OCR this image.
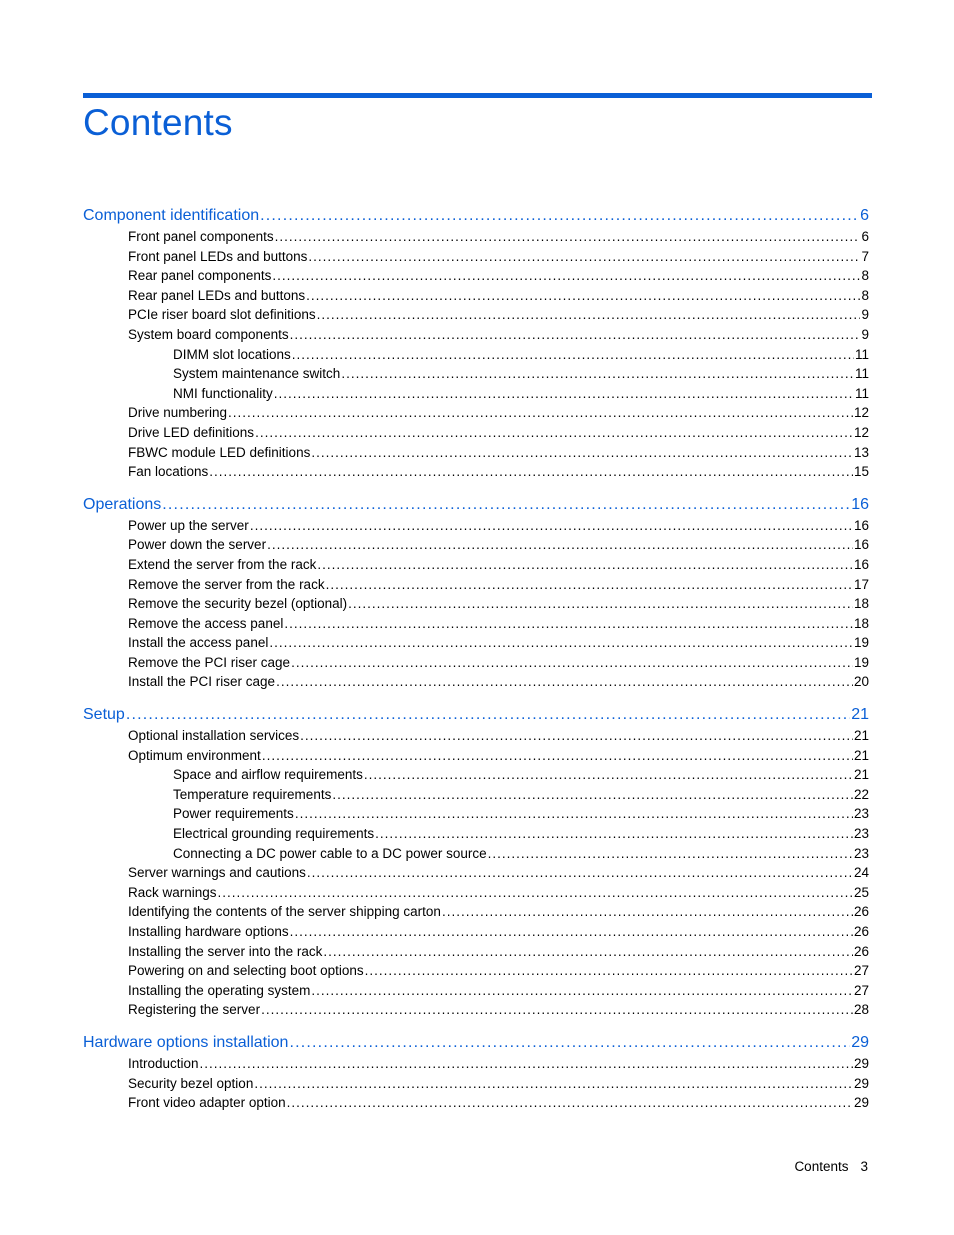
Contents
Component identification .....	6
Front panel components .....	6
Front panel LEDs and buttons .....	7
Rear panel components .....	8
Rear panel LEDs and buttons .....	8
PCIe riser board slot definitions .....	9
System board components .....	9
DIMM slot locations .....	11
System maintenance switch .....	11
NMI functionality .....	11
Drive numbering .....	12
Drive LED definitions .....	12
FBWC module LED definitions .....	13
Fan locations .....	15
Operations .....	16
Power up the server .....	16
Power down the server .....	16
Extend the server from the rack .....	16
Remove the server from the rack .....	17
Remove the security bezel (optional) .....	18
Remove the access panel .....	18
Install the access panel .....	19
Remove the PCI riser cage .....	19
Install the PCI riser cage .....	20
Setup .....	21
Optional installation services .....	21
Optimum environment .....	21
Space and airflow requirements .....	21
Temperature requirements .....	22
Power requirements .....	23
Electrical grounding requirements .....	23
Connecting a DC power cable to a DC power source .....	23
Server warnings and cautions .....	24
Rack warnings .....	25
Identifying the contents of the server shipping carton .....	26
Installing hardware options .....	26
Installing the server into the rack .....	26
Powering on and selecting boot options .....	27
Installing the operating system .....	27
Registering the server .....	28
Hardware options installation .....	29
Introduction .....	29
Security bezel option .....	29
Front video adapter option .....	29
Contents 3
